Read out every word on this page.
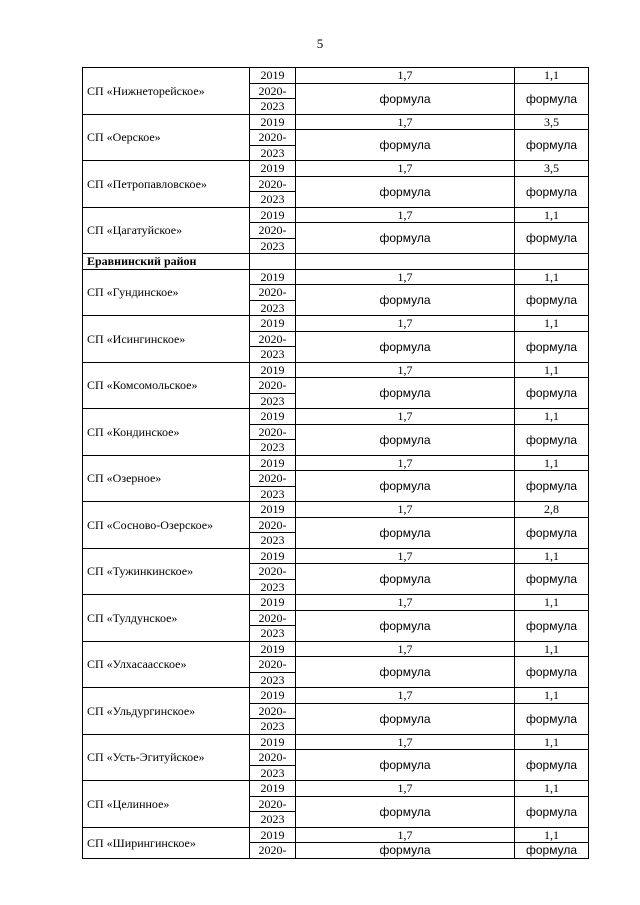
5
СП «Нижнеторейское»	2019	1,7	1,1
	2020-	формула	формула
	2023		
СП «Оерское»	2019	1,7	3,5
	2020-	формула	формула
	2023		
СП «Петропавловское»	2019	1,7	3,5
	2020-	формула	формула
	2023		
СП «Цагатуйское»	2019	1,7	1,1
	2020-	формула	формула
	2023		
Еравнинский район			
СП «Гундинское»	2019	1,7	1,1
	2020-	формула	формула
	2023		
СП «Исингинское»	2019	1,7	1,1
	2020-	формула	формула
	2023		
СП «Комсомольское»	2019	1,7	1,1
	2020-	формула	формула
	2023		
СП «Кондинское»	2019	1,7	1,1
	2020-	формула	формула
	2023		
СП «Озерное»	2019	1,7	1,1
	2020-	формула	формула
	2023		
СП «Сосново-Озерское»	2019	1,7	2,8
	2020-	формула	формула
	2023		
СП «Тужинкинское»	2019	1,7	1,1
	2020-	формула	формула
	2023		
СП «Тулдунское»	2019	1,7	1,1
	2020-	формула	формула
	2023		
СП «Улхасаасское»	2019	1,7	1,1
	2020-	формула	формула
	2023		
СП «Ульдургинское»	2019	1,7	1,1
	2020-	формула	формула
	2023		
СП «Усть-Эгитуйское»	2019	1,7	1,1
	2020-	формула	формула
	2023		
СП «Целинное»	2019	1,7	1,1
	2020-	формула	формула
	2023		
СП «Ширингинское»	2019	1,7	1,1
	2020-	формула	формула
